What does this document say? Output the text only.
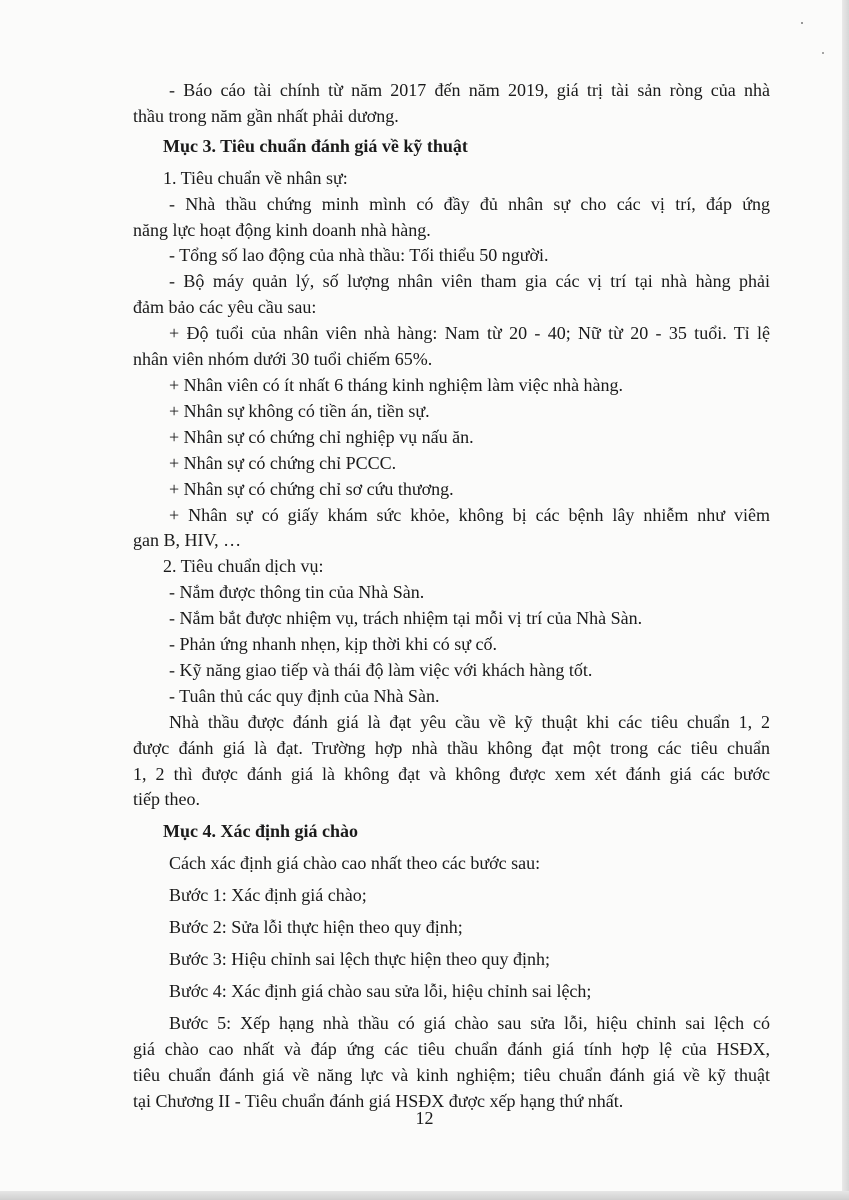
- Báo cáo tài chính từ năm 2017 đến năm 2019, giá trị tài sản ròng của nhà

thầu trong năm gần nhất phải dương.

Mục 3. Tiêu chuẩn đánh giá về kỹ thuật

1. Tiêu chuẩn về nhân sự:

- Nhà thầu chứng minh mình có đầy đủ nhân sự cho các vị trí, đáp ứng

năng lực hoạt động kinh doanh nhà hàng.

- Tổng số lao động của nhà thầu: Tối thiểu 50 người.

- Bộ máy quản lý, số lượng nhân viên tham gia các vị trí tại nhà hàng phải

đảm bảo các yêu cầu sau:

+ Độ tuổi của nhân viên nhà hàng: Nam từ 20 - 40; Nữ từ 20 - 35 tuổi. Tỉ lệ

nhân viên nhóm dưới 30 tuổi chiếm 65%.

+ Nhân viên có ít nhất 6 tháng kinh nghiệm làm việc nhà hàng.

+ Nhân sự không có tiền án, tiền sự.

+ Nhân sự có chứng chỉ nghiệp vụ nấu ăn.

+ Nhân sự có chứng chỉ PCCC.

+ Nhân sự có chứng chỉ sơ cứu thương.

+ Nhân sự có giấy khám sức khỏe, không bị các bệnh lây nhiễm như viêm

gan B, HIV, …

2. Tiêu chuẩn dịch vụ:

- Nắm được thông tin của Nhà Sàn.

- Nắm bắt được nhiệm vụ, trách nhiệm tại mỗi vị trí của Nhà Sàn.

- Phản ứng nhanh nhẹn, kịp thời khi có sự cố.

- Kỹ năng giao tiếp và thái độ làm việc với khách hàng tốt.

- Tuân thủ các quy định của Nhà Sàn.

Nhà thầu được đánh giá là đạt yêu cầu về kỹ thuật khi các tiêu chuẩn 1, 2

được đánh giá là đạt. Trường hợp nhà thầu không đạt một trong các tiêu chuẩn

1, 2 thì được đánh giá là không đạt và không được xem xét đánh giá các bước

tiếp theo.

Mục 4. Xác định giá chào

Cách xác định giá chào cao nhất theo các bước sau:

Bước 1: Xác định giá chào;

Bước 2: Sửa lỗi thực hiện theo quy định;

Bước 3: Hiệu chỉnh sai lệch thực hiện theo quy định;

Bước 4: Xác định giá chào sau sửa lỗi, hiệu chỉnh sai lệch;

Bước 5: Xếp hạng nhà thầu có giá chào sau sửa lỗi, hiệu chỉnh sai lệch có

giá chào cao nhất và đáp ứng các tiêu chuẩn đánh giá tính hợp lệ của HSĐX,

tiêu chuẩn đánh giá về năng lực và kinh nghiệm; tiêu chuẩn đánh giá về kỹ thuật

tại Chương II - Tiêu chuẩn đánh giá HSĐX được xếp hạng thứ nhất.

12
